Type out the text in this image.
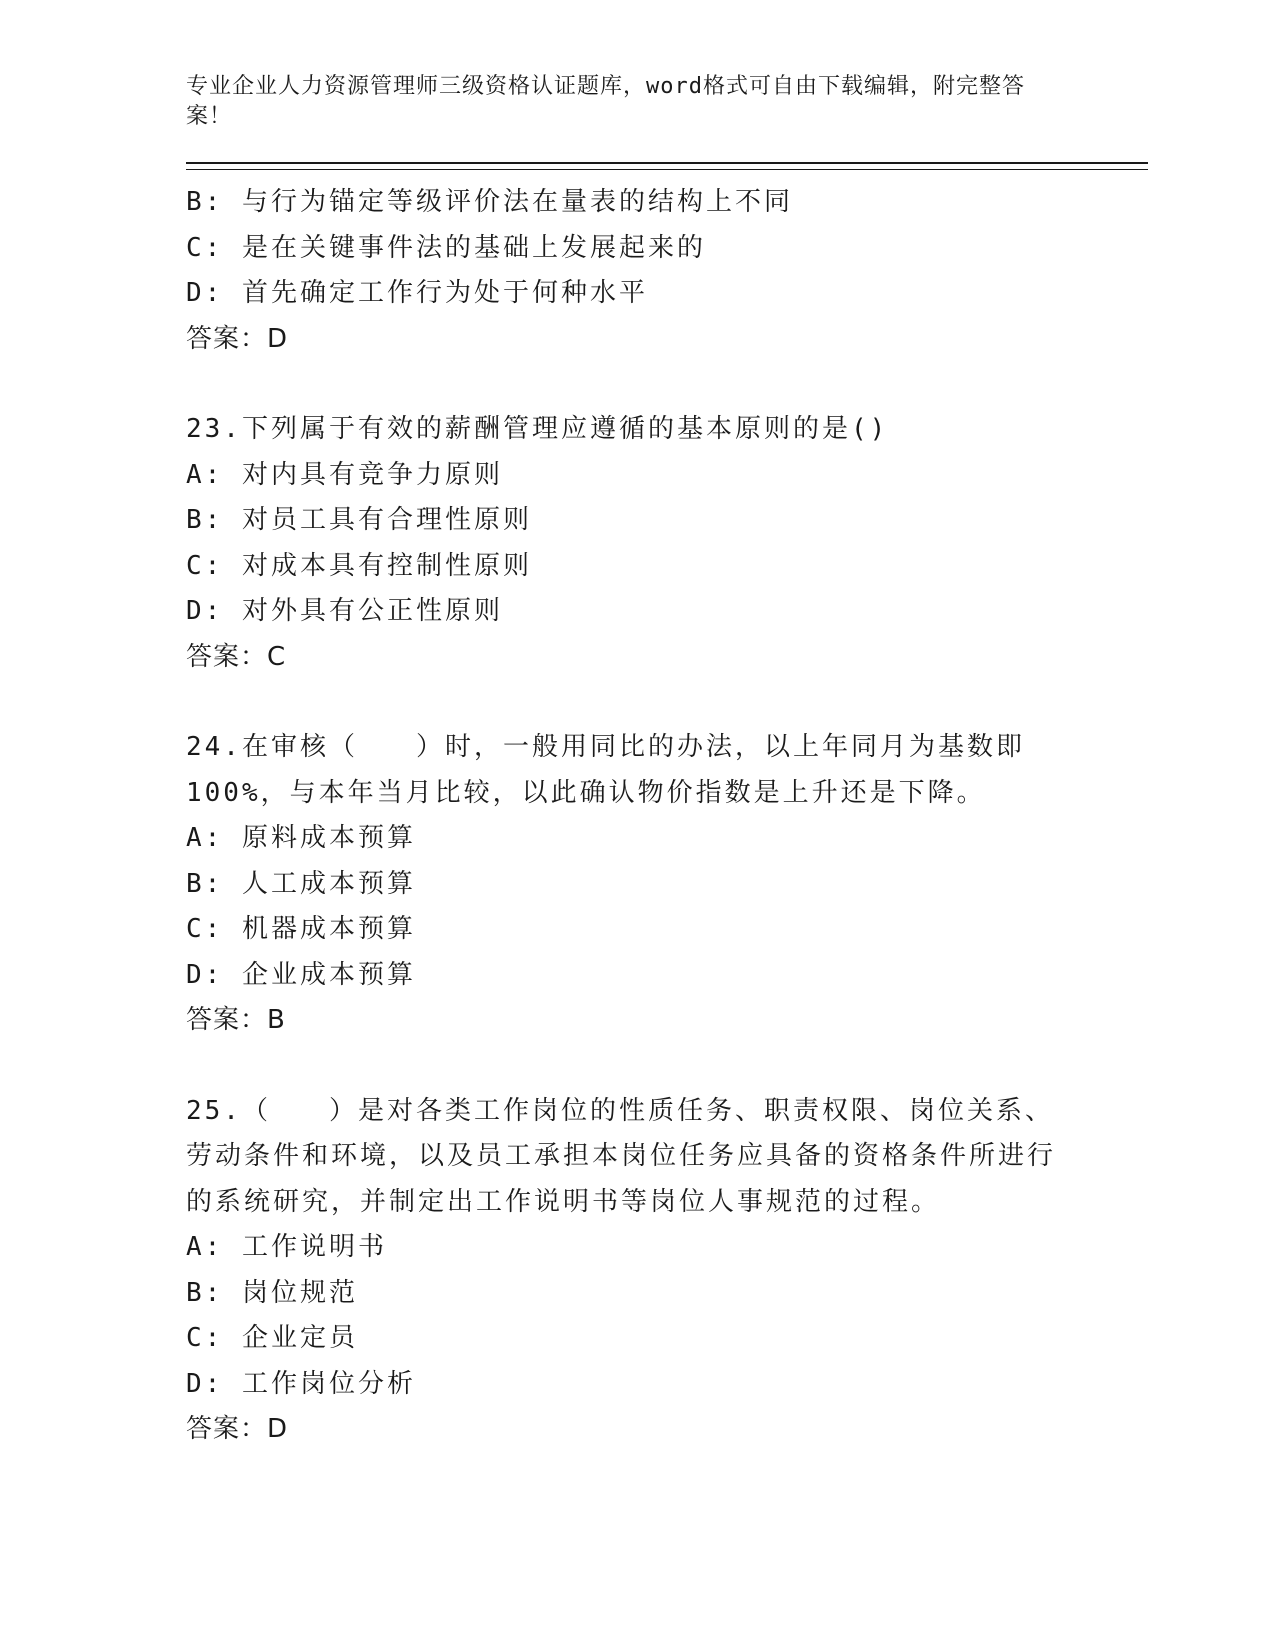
专业企业人力资源管理师三级资格认证题库，word格式可自由下载编辑，附完整答案！

B: 与行为锚定等级评价法在量表的结构上不同

C: 是在关键事件法的基础上发展起来的

D: 首先确定工作行为处于何种水平

答案：D

23.下列属于有效的薪酬管理应遵循的基本原则的是()

A: 对内具有竞争力原则

B: 对员工具有合理性原则

C: 对成本具有控制性原则

D: 对外具有公正性原则

答案：C

24.在审核（　　）时，一般用同比的办法，以上年同月为基数即100%，与本年当月比较，以此确认物价指数是上升还是下降。

A: 原料成本预算

B: 人工成本预算

C: 机器成本预算

D: 企业成本预算

答案：B

25.（　　）是对各类工作岗位的性质任务、职责权限、岗位关系、劳动条件和环境，以及员工承担本岗位任务应具备的资格条件所进行的系统研究，并制定出工作说明书等岗位人事规范的过程。

A: 工作说明书

B: 岗位规范

C: 企业定员

D: 工作岗位分析

答案：D
